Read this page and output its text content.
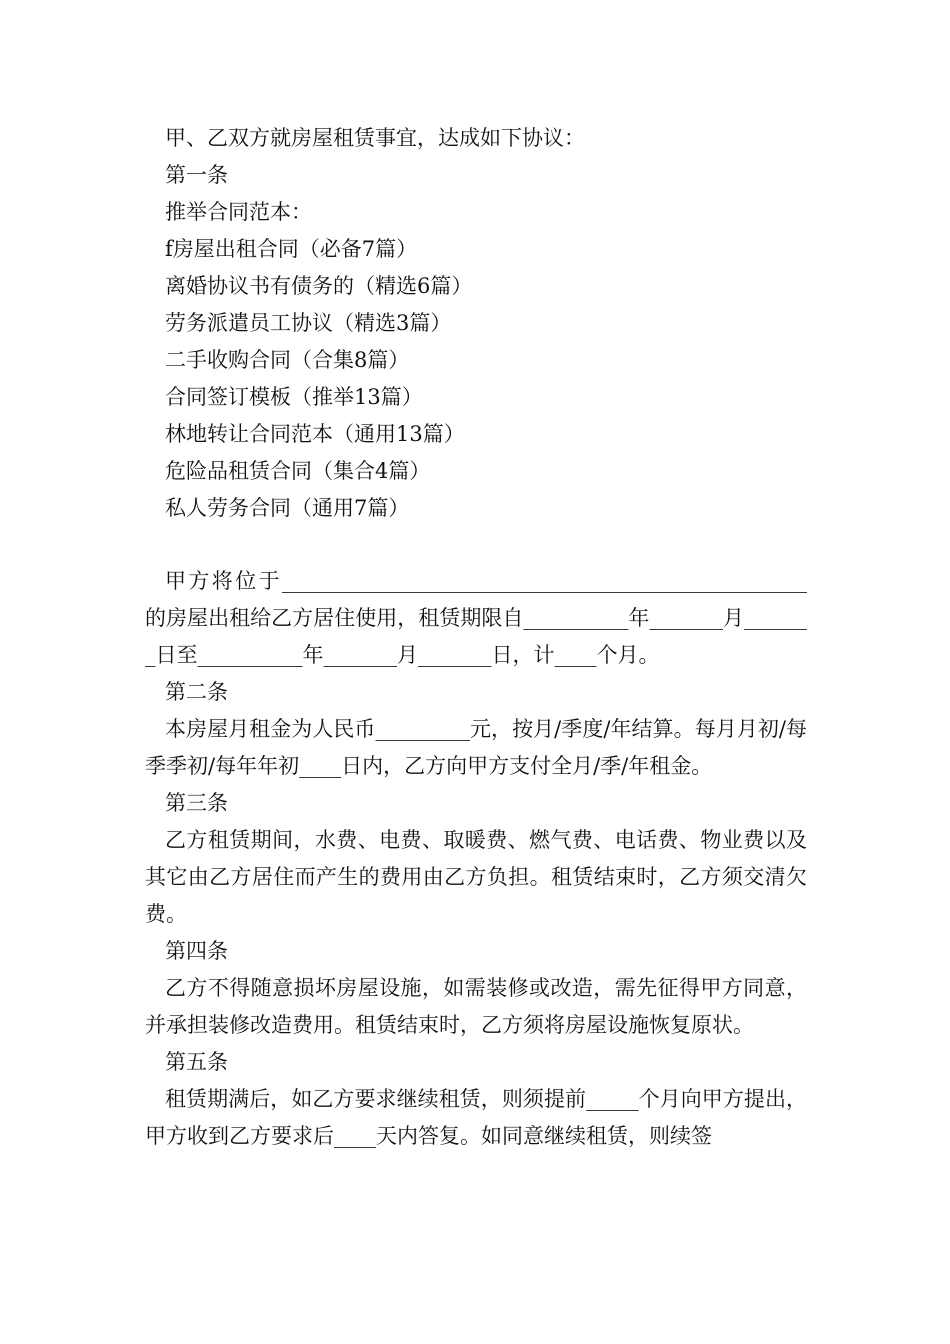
甲、乙双方就房屋租赁事宜，达成如下协议：
第一条
推举合同范本：
f房屋出租合同（必备7篇）
离婚协议书有债务的（精选6篇）
劳务派遣员工协议（精选3篇）
二手收购合同（合集8篇）
合同签订模板（推举13篇）
林地转让合同范本（通用13篇）
危险品租赁合同（集合4篇）
私人劳务合同（通用7篇）
甲方将位于__________________________________________________的房屋出租给乙方居住使用，租赁期限自__________年_______月_______日至__________年_______月_______日，计____个月。
第二条
本房屋月租金为人民币_________元，按月/季度/年结算。每月月初/每季季初/每年年初____日内，乙方向甲方支付全月/季/年租金。
第三条
乙方租赁期间，水费、电费、取暖费、燃气费、电话费、物业费以及其它由乙方居住而产生的费用由乙方负担。租赁结束时，乙方须交清欠费。
第四条
乙方不得随意损坏房屋设施，如需装修或改造，需先征得甲方同意，并承担装修改造费用。租赁结束时，乙方须将房屋设施恢复原状。
第五条
租赁期满后，如乙方要求继续租赁，则须提前_____个月向甲方提出，甲方收到乙方要求后____天内答复。如同意继续租赁，则续签
